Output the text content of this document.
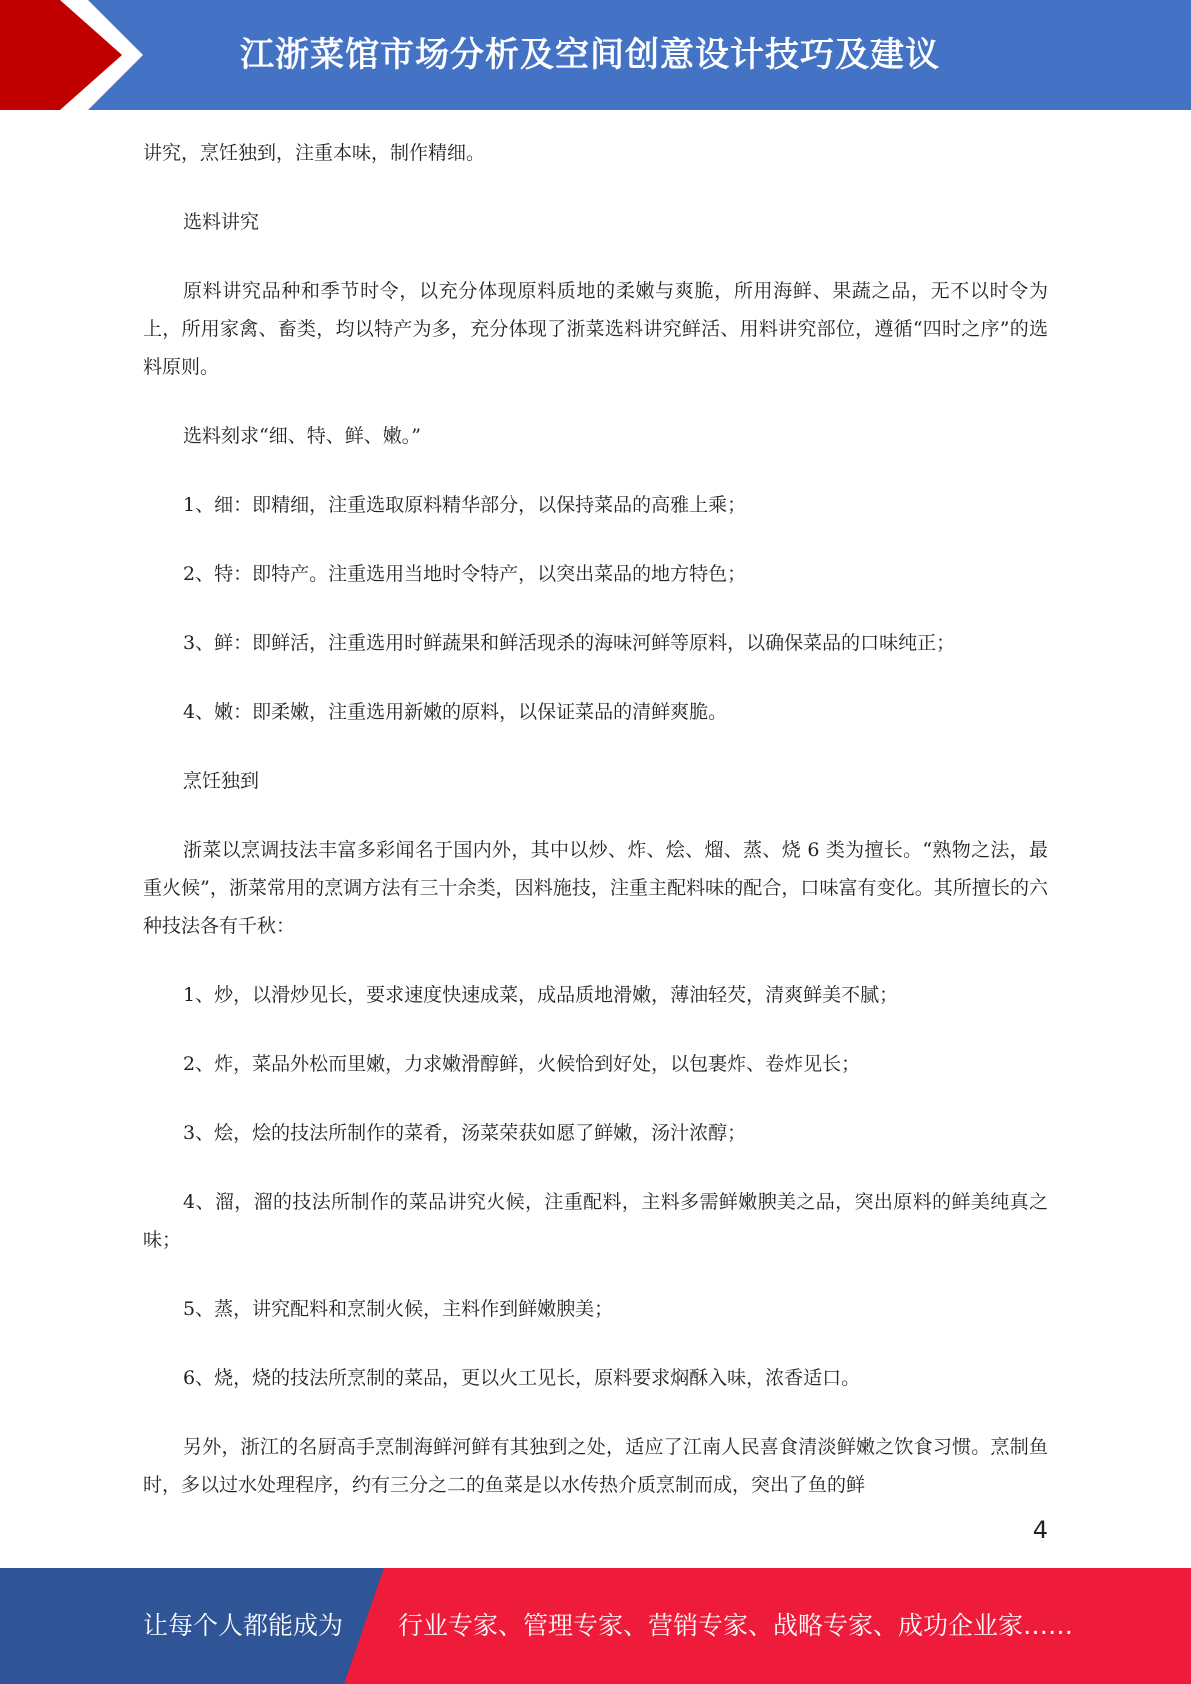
江浙菜馆市场分析及空间创意设计技巧及建议

讲究，烹饪独到，注重本味，制作精细。

选料讲究

原料讲究品种和季节时令，以充分体现原料质地的柔嫩与爽脆，所用海鲜、果蔬之品，无不以时令为上，所用家禽、畜类，均以特产为多，充分体现了浙菜选料讲究鲜活、用料讲究部位，遵循“四时之序”的选料原则。

选料刻求“细、特、鲜、嫩。”

1、细：即精细，注重选取原料精华部分，以保持菜品的高雅上乘；

2、特：即特产。注重选用当地时令特产，以突出菜品的地方特色；

3、鲜：即鲜活，注重选用时鲜蔬果和鲜活现杀的海味河鲜等原料，以确保菜品的口味纯正；

4、嫩：即柔嫩，注重选用新嫩的原料，以保证菜品的清鲜爽脆。

烹饪独到

浙菜以烹调技法丰富多彩闻名于国内外，其中以炒、炸、烩、熘、蒸、烧 6 类为擅长。“熟物之法，最重火候”，浙菜常用的烹调方法有三十余类，因料施技，注重主配料味的配合，口味富有变化。其所擅长的六种技法各有千秋：

1、炒，以滑炒见长，要求速度快速成菜，成品质地滑嫩，薄油轻芡，清爽鲜美不腻；

2、炸，菜品外松而里嫩，力求嫩滑醇鲜，火候恰到好处，以包裹炸、卷炸见长；

3、烩，烩的技法所制作的菜肴，汤菜荣获如愿了鲜嫩，汤汁浓醇；

4、溜，溜的技法所制作的菜品讲究火候，注重配料，主料多需鲜嫩腴美之品，突出原料的鲜美纯真之味；

5、蒸，讲究配料和烹制火候，主料作到鲜嫩腴美；

6、烧，烧的技法所烹制的菜品，更以火工见长，原料要求焖酥入味，浓香适口。

另外，浙江的名厨高手烹制海鲜河鲜有其独到之处，适应了江南人民喜食清淡鲜嫩之饮食习惯。烹制鱼时，多以过水处理程序，约有三分之二的鱼菜是以水传热介质烹制而成，突出了鱼的鲜

4
让每个人都能成为 行业专家、管理专家、营销专家、战略专家、成功企业家……
